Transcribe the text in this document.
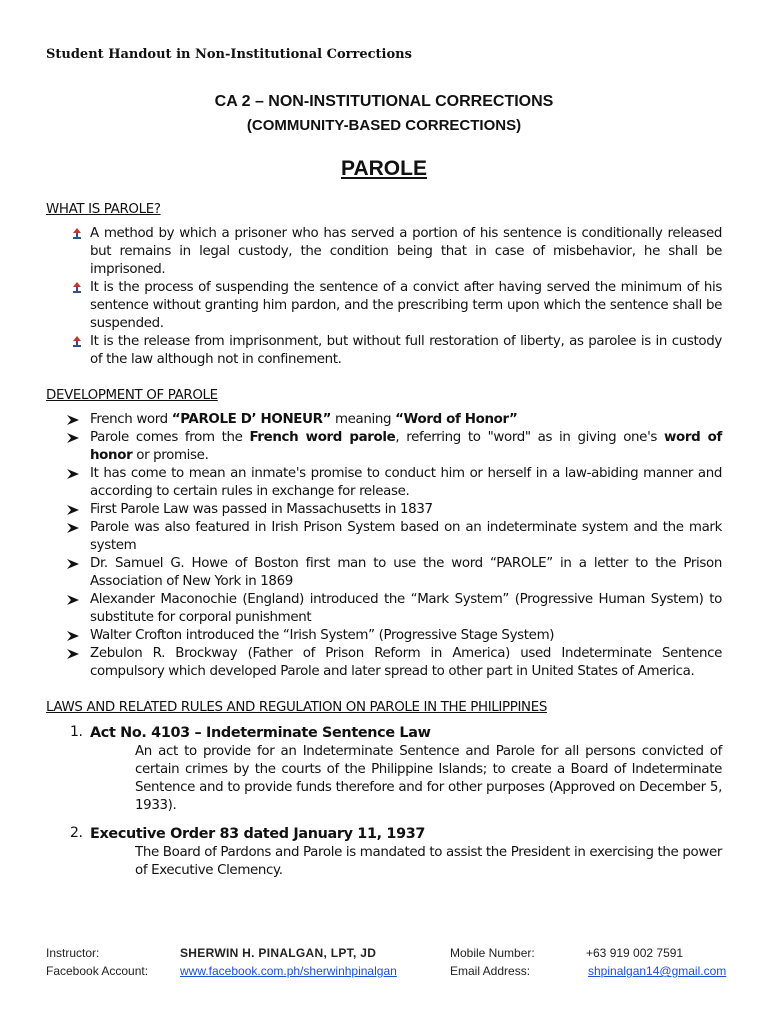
Student Handout in Non-Institutional Corrections
CA 2 – NON-INSTITUTIONAL CORRECTIONS
(COMMUNITY-BASED CORRECTIONS)
PAROLE
WHAT IS PAROLE?
A method by which a prisoner who has served a portion of his sentence is conditionally released but remains in legal custody, the condition being that in case of misbehavior, he shall be imprisoned.
It is the process of suspending the sentence of a convict after having served the minimum of his sentence without granting him pardon, and the prescribing term upon which the sentence shall be suspended.
It is the release from imprisonment, but without full restoration of liberty, as parolee is in custody of the law although not in confinement.
DEVELOPMENT OF PAROLE
French word “PAROLE D’ HONEUR” meaning “Word of Honor”
Parole comes from the French word parole, referring to "word" as in giving one's word of honor or promise.
It has come to mean an inmate's promise to conduct him or herself in a law-abiding manner and according to certain rules in exchange for release.
First Parole Law was passed in Massachusetts in 1837
Parole was also featured in Irish Prison System based on an indeterminate system and the mark system
Dr. Samuel G. Howe of Boston first man to use the word “PAROLE” in a letter to the Prison Association of New York in 1869
Alexander Maconochie (England) introduced the “Mark System” (Progressive Human System) to substitute for corporal punishment
Walter Crofton introduced the “Irish System” (Progressive Stage System)
Zebulon R. Brockway (Father of Prison Reform in America) used Indeterminate Sentence compulsory which developed Parole and later spread to other part in United States of America.
LAWS AND RELATED RULES AND REGULATION ON PAROLE IN THE PHILIPPINES
1. Act No. 4103 – Indeterminate Sentence Law
An act to provide for an Indeterminate Sentence and Parole for all persons convicted of certain crimes by the courts of the Philippine Islands; to create a Board of Indeterminate Sentence and to provide funds therefore and for other purposes (Approved on December 5, 1933).
2. Executive Order 83 dated January 11, 1937
The Board of Pardons and Parole is mandated to assist the President in exercising the power of Executive Clemency.
Instructor:	SHERWIN H. PINALGAN, LPT, JD	Mobile Number:	+63 919 002 7591
Facebook Account:	www.facebook.com.ph/sherwinhpinalgan	Email Address:	shpinalgan14@gmail.com
